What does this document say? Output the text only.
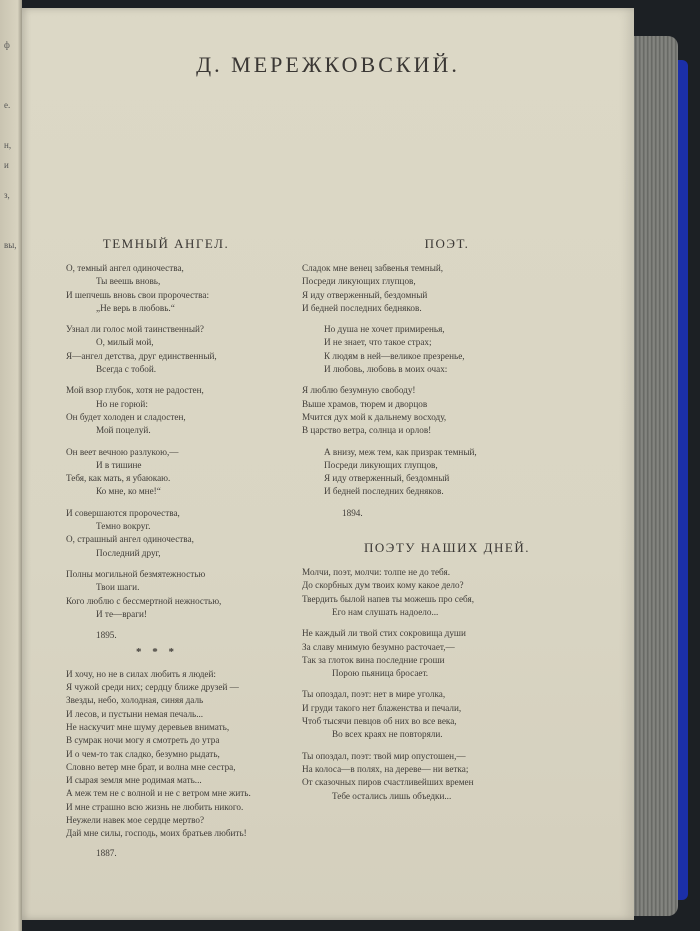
ф
е.
н,
и
з,
вы,
Д. МЕРЕЖКОВСКИЙ.
ТЕМНЫЙ АНГЕЛ.
О, темный ангел одиночества,
Ты веешь вновь,
И шепчешь вновь свои пророчества:
„Не верь в любовь.“
Узнал ли голос мой таинственный?
О, милый мой,
Я—ангел детства, друг единственный,
Всегда с тобой.
Мой взор глубок, хотя не радостен,
Но не горюй:
Он будет холоден и сладостен,
Мой поцелуй.
Он веет вечною разлукою,—
И в тишине
Тебя, как мать, я убаюкаю.
Ко мне, ко мне!“
И совершаются пророчества,
Темно вокруг.
О, страшный ангел одиночества,
Последний друг,
Полны могильной безмятежностью
Твои шаги.
Кого люблю с бессмертной нежностью,
И те—враги!
1895.
* * *
И хочу, но не в силах любить я людей:
Я чужой среди них; сердцу ближе друзей —
Звезды, небо, холодная, синяя даль
И лесов, и пустыни немая печаль...
Не наскучит мне шуму деревьев внимать,
В сумрак ночи могу я смотреть до утра
И о чем-то так сладко, безумно рыдать,
Словно ветер мне брат, и волна мне сестра,
И сырая земля мне родимая мать...
А меж тем не с волной и не с ветром мне жить.
И мне страшно всю жизнь не любить никого.
Неужели навек мое сердце мертво?
Дай мне силы, господь, моих братьев любить!
1887.
ПОЭТ.
Сладок мне венец забвенья темный,
Посреди ликующих глупцов,
Я иду отверженный, бездомный
И бедней последних бедняков.
Но душа не хочет примиренья,
И не знает, что такое страх;
К людям в ней—великое презренье,
И любовь, любовь в моих очах:
Я люблю безумную свободу!
Выше храмов, тюрем и дворцов
Мчится дух мой к дальнему восходу,
В царство ветра, солнца и орлов!
А внизу, меж тем, как призрак темный,
Посреди ликующих глупцов,
Я иду отверженный, бездомный
И бедней последних бедняков.
1894.
ПОЭТУ НАШИХ ДНЕЙ.
Молчи, поэт, молчи: толпе не до тебя.
До скорбных дум твоих кому какое дело?
Твердить былой напев ты можешь про себя,
Его нам слушать надоело...
Не каждый ли твой стих сокровища души
За славу мнимую безумно расточает,—
Так за глоток вина последние гроши
Порою пьяница бросает.
Ты опоздал, поэт: нет в мире уголка,
И груди такого нет блаженства и печали,
Чтоб тысячи певцов об них во все века,
Во всех краях не повторяли.
Ты опоздал, поэт: твой мир опустошен,—
На колоса—в полях, на дереве— ни ветка;
От сказочных пиров счастливейших времен
Тебе остались лишь объедки...
